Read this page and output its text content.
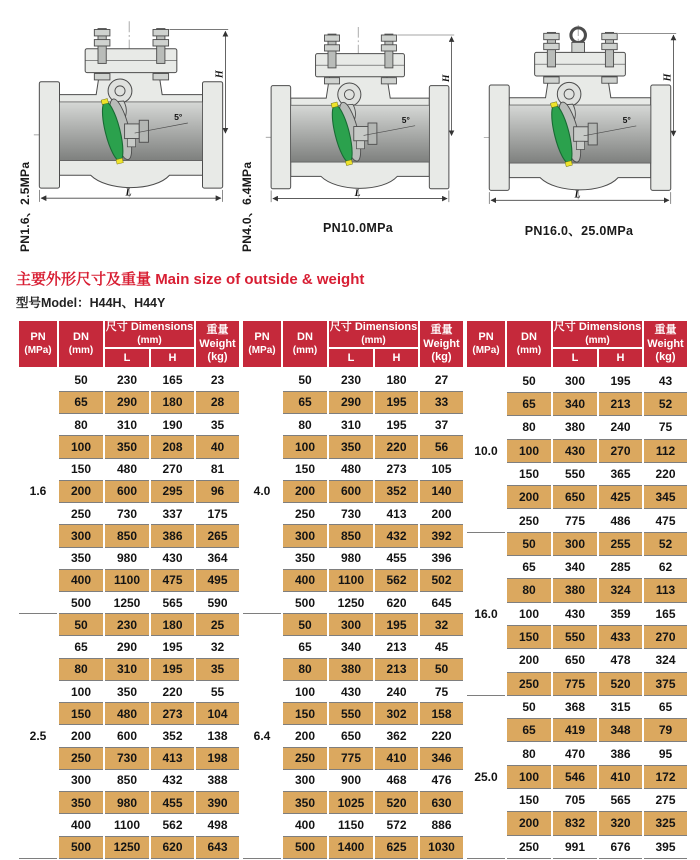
PN1.6、2.5MPa	PN4.0、6.4MPa	PN10.0MPa	PN16.0、25.0MPa
主要外形尺寸及重量 Main size of outside & weight
型号Model：H44H、H44Y
PN
(MPa)	DN
(mm)	尺寸 Dimensions
(mm)		重量
Weight
(kg)
		L	H	
1.6	50	230	165	23
	65	290	180	28
	80	310	190	35
	100	350	208	40
	150	480	270	81
	200	600	295	96
	250	730	337	175
	300	850	386	265
	350	980	430	364
	400	1100	475	495
	500	1250	565	590
2.5	50	230	180	25
	65	290	195	32
	80	310	195	35
	100	350	220	55
	150	480	273	104
	200	600	352	138
	250	730	413	198
	300	850	432	388
	350	980	455	390
	400	1100	562	498
	500	1250	620	643
PN
(MPa)	DN
(mm)	尺寸 Dimensions
(mm)		重量
Weight
(kg)
		L	H	
4.0	50	230	180	27
	65	290	195	33
	80	310	195	37
	100	350	220	56
	150	480	273	105
	200	600	352	140
	250	730	413	200
	300	850	432	392
	350	980	455	396
	400	1100	562	502
	500	1250	620	645
6.4	50	300	195	32
	65	340	213	45
	80	380	213	50
	100	430	240	75
	150	550	302	158
	200	650	362	220
	250	775	410	346
	300	900	468	476
	350	1025	520	630
	400	1150	572	886
	500	1400	625	1030
PN
(MPa)	DN
(mm)	尺寸 Dimensions
(mm)		重量
Weight
(kg)
		L	H	
10.0	50	300	195	43
	65	340	213	52
	80	380	240	75
	100	430	270	112
	150	550	365	220
	200	650	425	345
	250	775	486	475
16.0	50	300	255	52
	65	340	285	62
	80	380	324	113
	100	430	359	165
	150	550	433	270
	200	650	478	324
	250	775	520	375
25.0	50	368	315	65
	65	419	348	79
	80	470	386	95
	100	546	410	172
	150	705	565	275
	200	832	320	325
	250	991	676	395
